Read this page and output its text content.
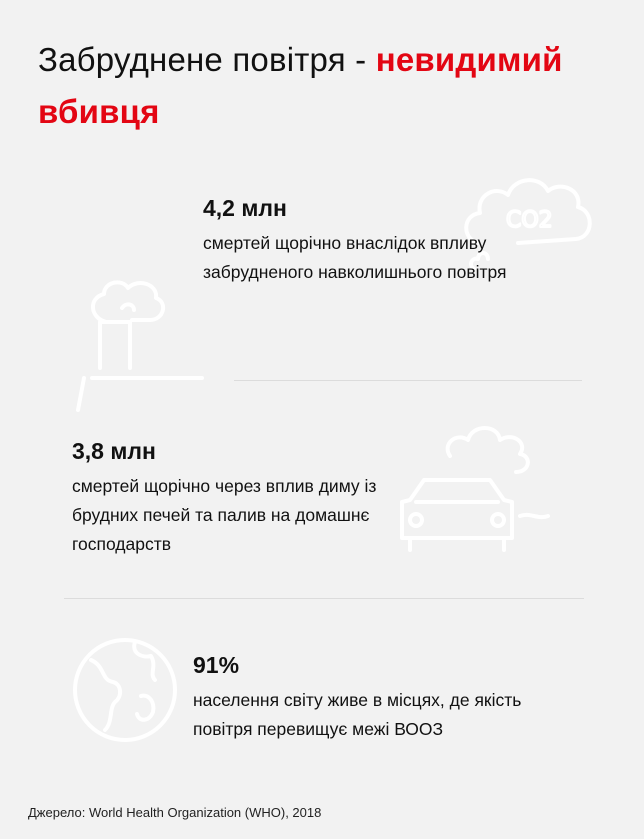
Забруднене повітря - невидимий вбивця
CO2
4,2 млн
смертей щорічно внаслідок впливу забрудненого навколишнього повітря
3,8 млн
смертей щорічно через вплив диму із брудних печей та палив на домашнє господарств
91%
населення світу живе в місцях, де якість повітря перевищує межі ВООЗ
Джерело: World Health Organization (WHO), 2018
